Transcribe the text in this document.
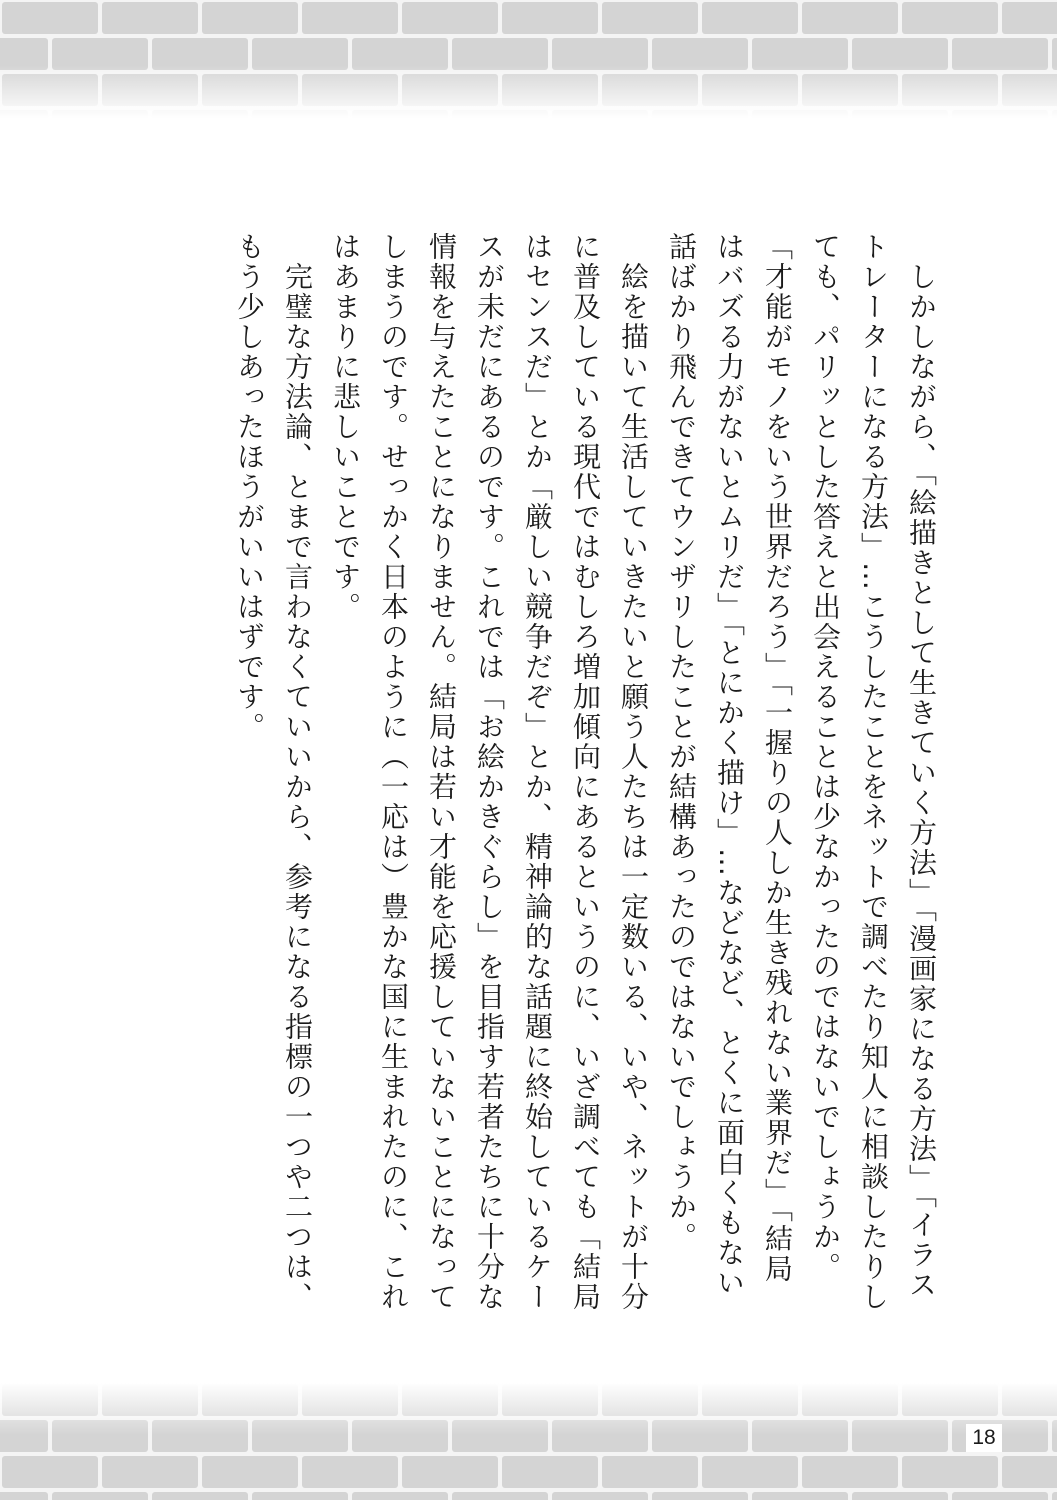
　しかしながら、「絵描きとして生きていく方法」「漫画家になる方法」「イラストレーターになる方法」…こうしたことをネットで調べたり知人に相談したりしても、パリッとした答えと出会えることは少なかったのではないでしょうか。「才能がモノをいう世界だろう」「一握りの人しか生き残れない業界だ」「結局はバズる力がないとムリだ」「とにかく描け」…などなど、とくに面白くもない話ばかり飛んできてウンザリしたことが結構あったのではないでしょうか。

　絵を描いて生活していきたいと願う人たちは一定数いる、いや、ネットが十分に普及している現代ではむしろ増加傾向にあるというのに、いざ調べても「結局はセンスだ」とか「厳しい競争だぞ」とか、精神論的な話題に終始しているケースが未だにあるのです。これでは「お絵かきぐらし」を目指す若者たちに十分な情報を与えたことになりません。結局は若い才能を応援していないことになってしまうのです。せっかく日本のように（一応は）豊かな国に生まれたのに、これはあまりに悲しいことです。

　完璧な方法論、とまで言わなくていいから、参考になる指標の一つや二つは、もう少しあったほうがいいはずです。

18
